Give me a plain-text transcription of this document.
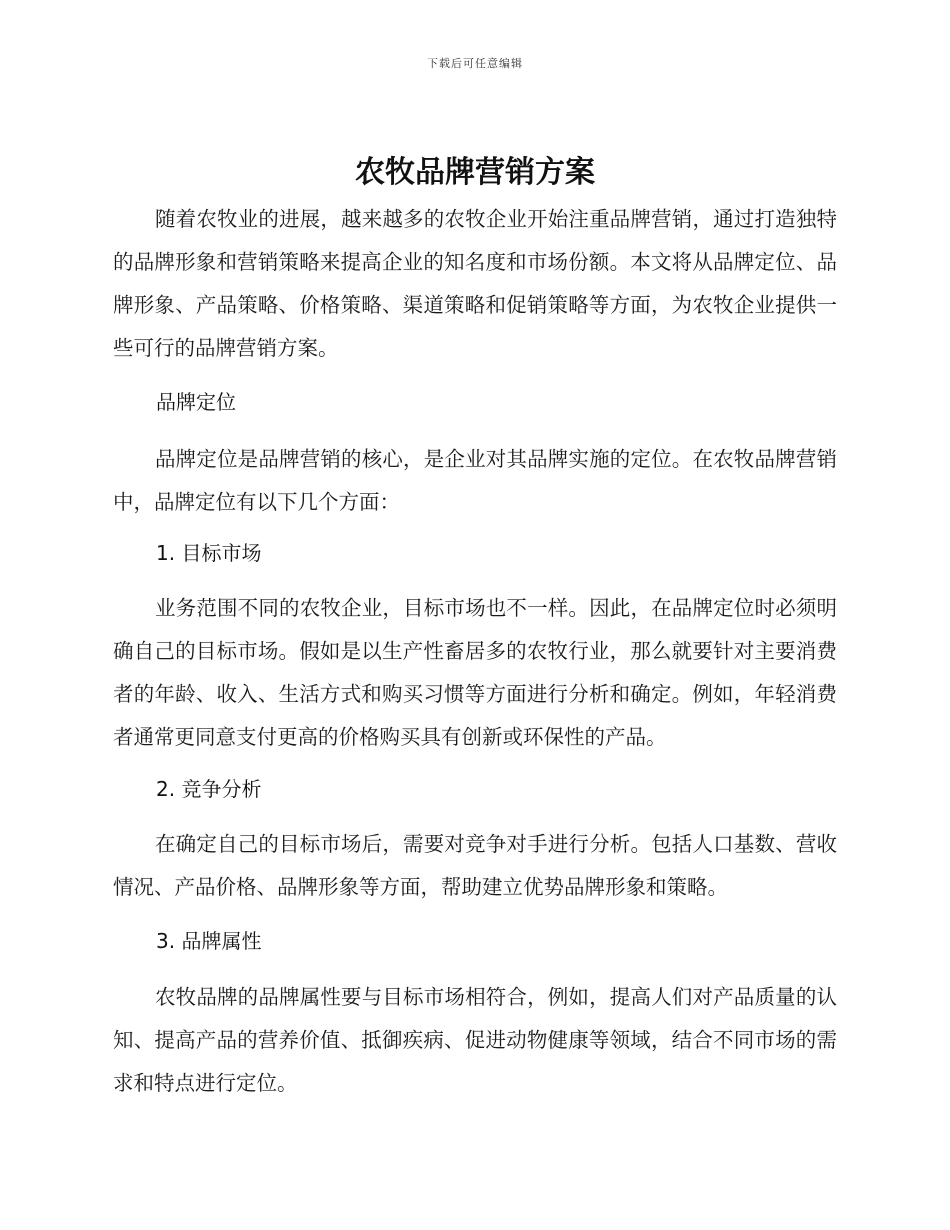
下载后可任意编辑
农牧品牌营销方案

随着农牧业的进展，越来越多的农牧企业开始注重品牌营销，通过打造独特的品牌形象和营销策略来提高企业的知名度和市场份额。本文将从品牌定位、品牌形象、产品策略、价格策略、渠道策略和促销策略等方面，为农牧企业提供一些可行的品牌营销方案。

品牌定位

品牌定位是品牌营销的核心，是企业对其品牌实施的定位。在农牧品牌营销中，品牌定位有以下几个方面：

1. 目标市场

业务范围不同的农牧企业，目标市场也不一样。因此，在品牌定位时必须明确自己的目标市场。假如是以生产性畜居多的农牧行业，那么就要针对主要消费者的年龄、收入、生活方式和购买习惯等方面进行分析和确定。例如，年轻消费者通常更同意支付更高的价格购买具有创新或环保性的产品。

2. 竞争分析

在确定自己的目标市场后，需要对竞争对手进行分析。包括人口基数、营收情况、产品价格、品牌形象等方面，帮助建立优势品牌形象和策略。

3. 品牌属性

农牧品牌的品牌属性要与目标市场相符合，例如，提高人们对产品质量的认知、提高产品的营养价值、抵御疾病、促进动物健康等领域，结合不同市场的需求和特点进行定位。
